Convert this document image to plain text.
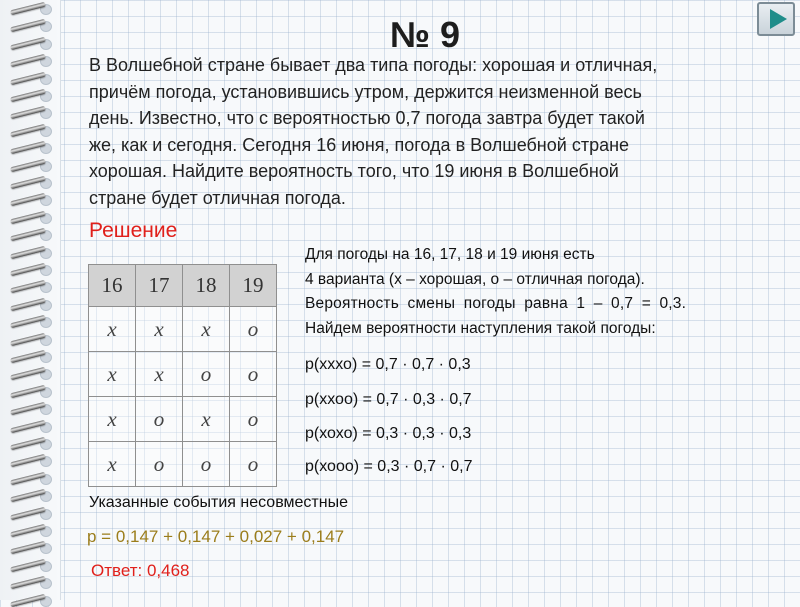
№ 9
В Волшебной стране бывает два типа погоды: хорошая и отличная,
причём погода, установившись утром, держится неизменной весь
день. Известно, что с вероятностью 0,7 погода завтра будет такой
же, как и сегодня. Сегодня 16 июня, погода в Волшебной стране
хорошая. Найдите вероятность того, что 19 июня в Волшебной
стране будет отличная погода.
Решение
16	17	18	19
х	х	х	о
х	х	о	о
х	о	х	о
х	о	о	о
Для погоды на 16, 17, 18 и 19 июня есть
4 варианта (х – хорошая, о – отличная погода).
Вероятность смены погоды равна 1 – 0,7 = 0,3.
Найдем вероятности наступления такой погоды:
р(хххо) = 0,7 · 0,7 · 0,3
р(ххоо) = 0,7 · 0,3 · 0,7
р(хохо) = 0,3 · 0,3 · 0,3
р(хооо) = 0,3 · 0,7 · 0,7
Указанные события несовместные
р = 0,147 + 0,147 + 0,027 + 0,147
Ответ: 0,468
